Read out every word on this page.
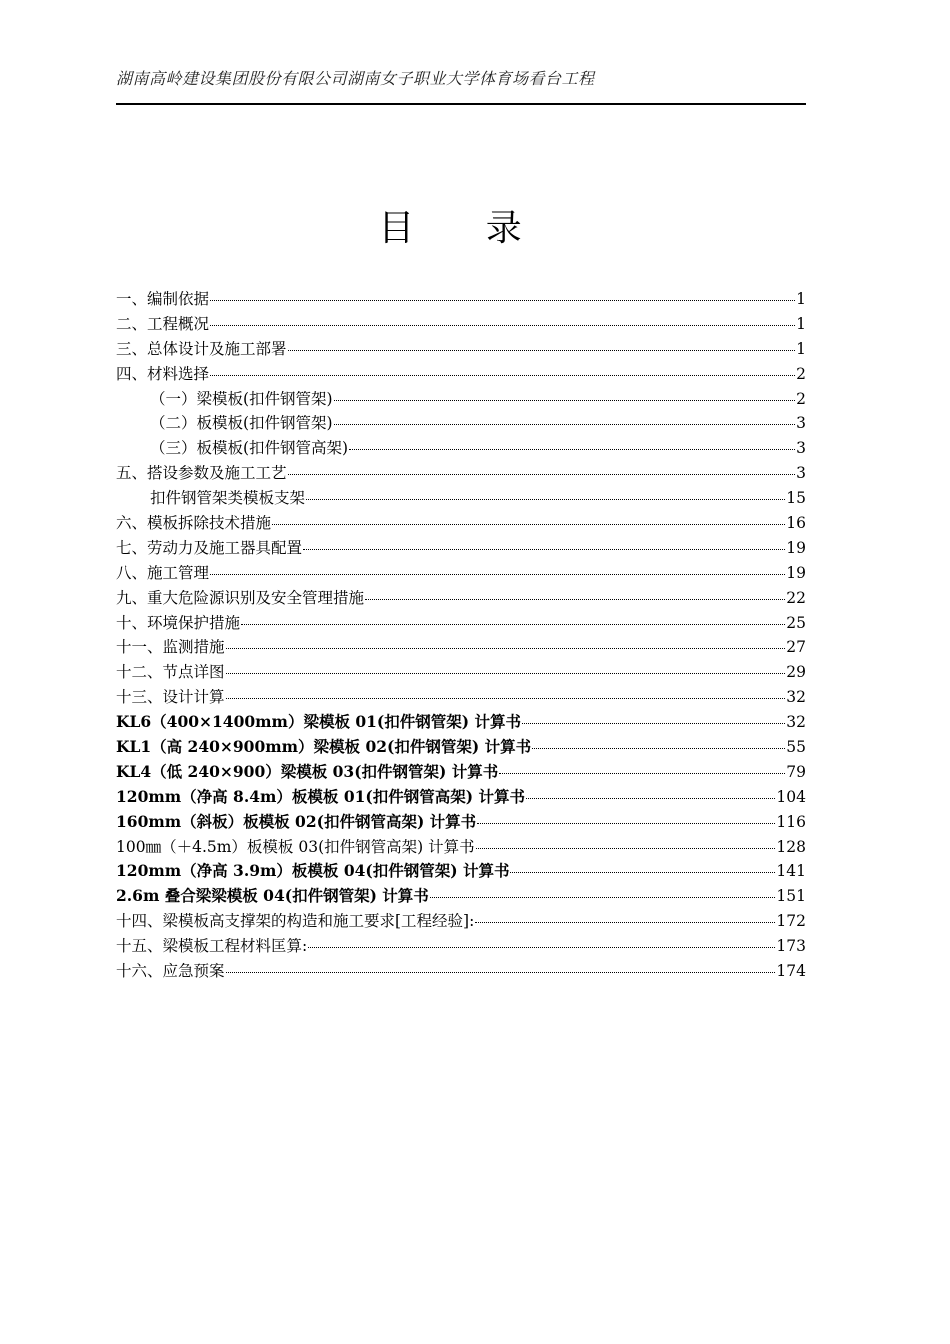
湖南高岭建设集团股份有限公司湖南女子职业大学体育场看台工程
目 录
一、编制依据	1
二、工程概况	1
三、总体设计及施工部署	1
四、材料选择	2
（一）梁模板(扣件钢管架)	2
（二）板模板(扣件钢管架)	3
（三）板模板(扣件钢管高架)	3
五、搭设参数及施工工艺	3
扣件钢管架类模板支架	15
六、模板拆除技术措施	16
七、劳动力及施工器具配置	19
八、施工管理	19
九、重大危险源识别及安全管理措施	22
十、环境保护措施	25
十一、监测措施	27
十二、节点详图	29
十三、设计计算	32
KL6（400×1400mm）梁模板 01(扣件钢管架) 计算书	32
KL1（高 240×900mm）梁模板 02(扣件钢管架) 计算书	55
KL4（低 240×900）梁模板 03(扣件钢管架) 计算书	79
120mm（净高 8.4m）板模板 01(扣件钢管高架) 计算书	104
160mm（斜板）板模板 02(扣件钢管高架) 计算书	116
100㎜（＋4.5m）板模板 03(扣件钢管高架) 计算书	128
120mm（净高 3.9m）板模板 04(扣件钢管架) 计算书	141
2.6m 叠合梁梁模板 04(扣件钢管架) 计算书	151
十四、梁模板高支撑架的构造和施工要求[工程经验]:	172
十五、梁模板工程材料匡算:	173
十六、应急预案	174
